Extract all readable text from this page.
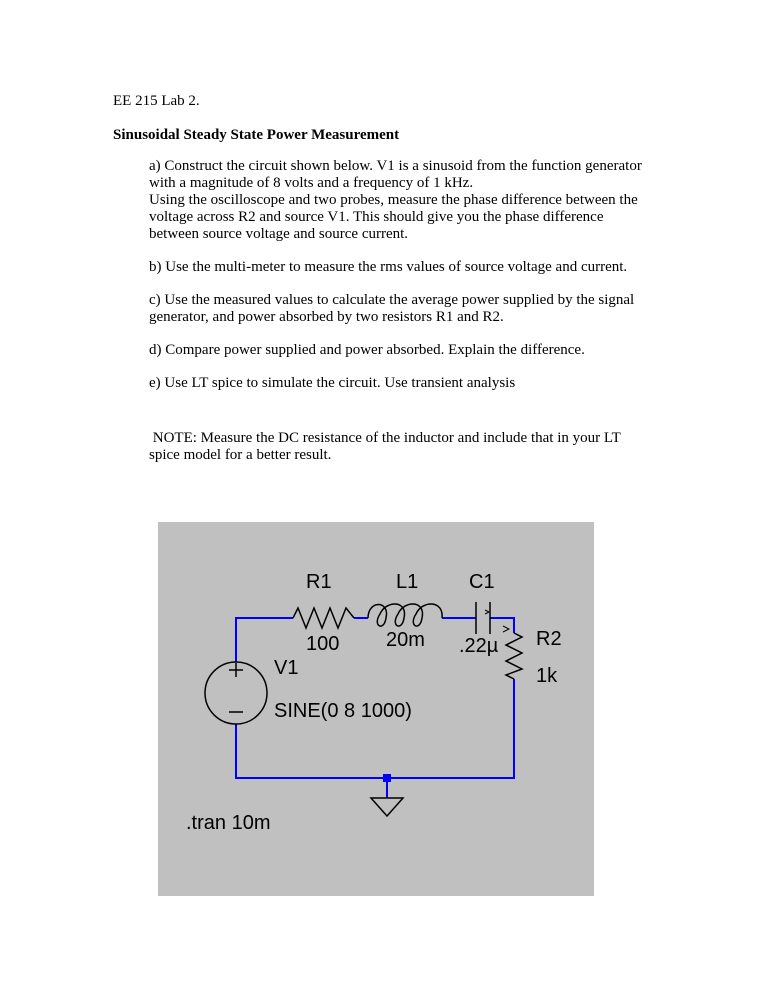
EE 215 Lab 2.
Sinusoidal Steady State Power Measurement

a) Construct the circuit shown below. V1 is a sinusoid from the function generator

with a magnitude of 8 volts and a frequency of 1 kHz.

Using the oscilloscope and two probes, measure the phase difference between the

voltage across R2 and source V1. This should give you the phase difference

between source voltage and source current.

b) Use the multi-meter to measure the rms values of source voltage and current.

c) Use the measured values to calculate the average power supplied by the signal

generator, and power absorbed by two resistors R1 and R2.

d) Compare power supplied and power absorbed. Explain the difference.

e) Use LT spice to simulate the circuit. Use transient analysis

NOTE: Measure the DC resistance of the inductor and include that in your LT
spice model for a better result.
R1
100
L1
20m
C1
.22µ R2
1k
V1
SINE(0 8 1000)
.tran 10m
